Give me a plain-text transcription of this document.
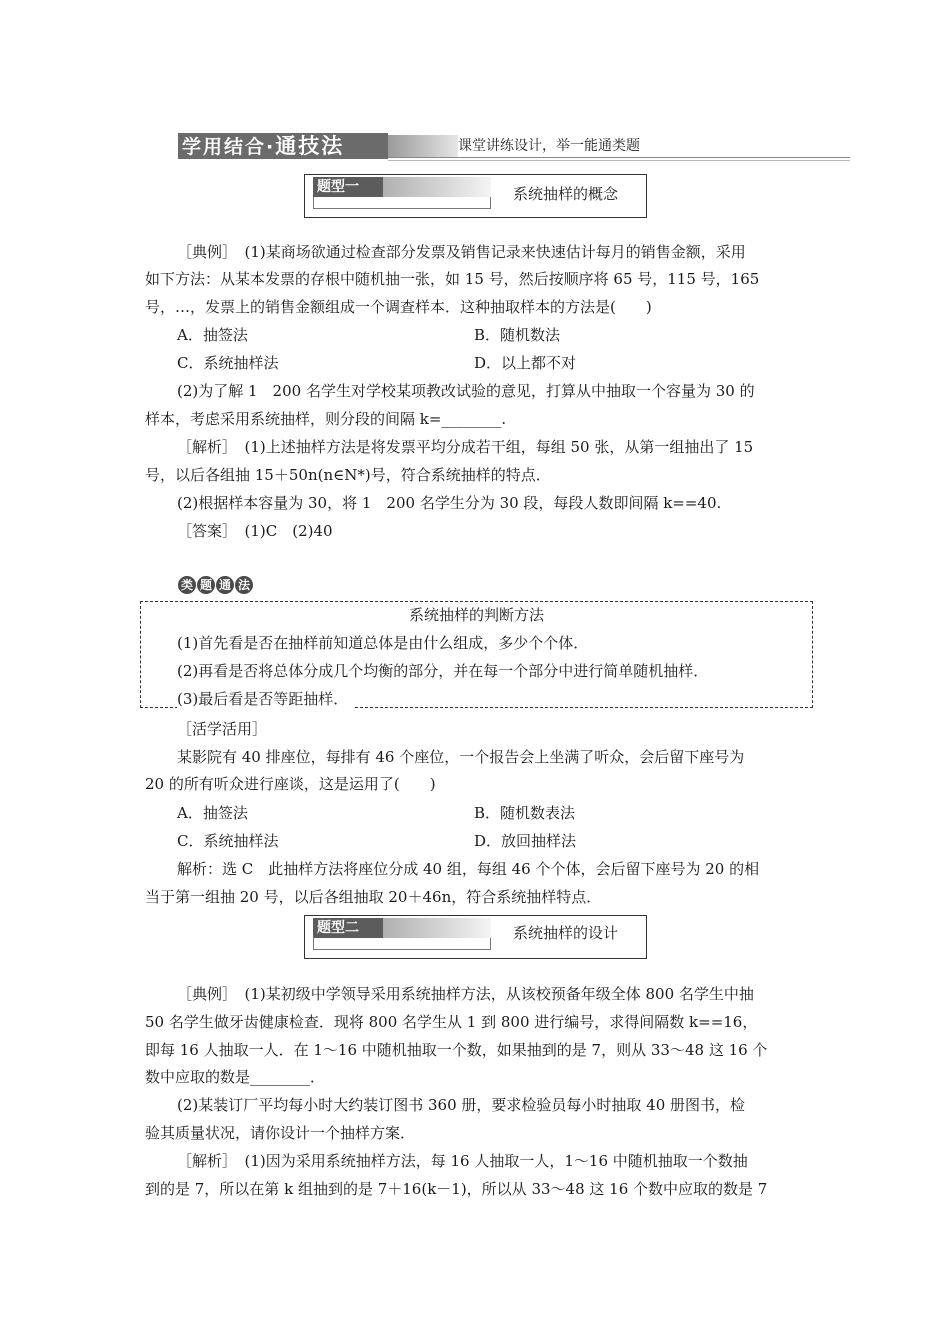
学用结合·通技法	课堂讲练设计，举一能通类题
题型一	系统抽样的概念
［典例］　(1)某商场欲通过检查部分发票及销售记录来快速估计每月的销售金额，采用
如下方法：从某本发票的存根中随机抽一张，如 15 号，然后按顺序将 65 号，115 号，165
号，…，发票上的销售金额组成一个调查样本．这种抽取样本的方法是(　　)
A．抽签法	B．随机数法
C．系统抽样法	D．以上都不对
(2)为了解 1　200 名学生对学校某项教改试验的意见，打算从中抽取一个容量为 30 的
样本，考虑采用系统抽样，则分段的间隔 k=________.
［解析］　(1)上述抽样方法是将发票平均分成若干组，每组 50 张，从第一组抽出了 15
号，以后各组抽 15＋50n(n∈N*)号，符合系统抽样的特点．
(2)根据样本容量为 30，将 1　200 名学生分为 30 段，每段人数即间隔 k==40.
［答案］　(1)C　(2)40
类 题 通 法
系统抽样的判断方法
(1)首先看是否在抽样前知道总体是由什么组成，多少个个体．
(2)再看是否将总体分成几个均衡的部分，并在每一个部分中进行简单随机抽样．
(3)最后看是否等距抽样．
［活学活用］
某影院有 40 排座位，每排有 46 个座位，一个报告会上坐满了听众，会后留下座号为
20 的所有听众进行座谈，这是运用了(　　)
A．抽签法	B．随机数表法
C．系统抽样法	D．放回抽样法
解析：选 C　此抽样方法将座位分成 40 组，每组 46 个个体，会后留下座号为 20 的相
当于第一组抽 20 号，以后各组抽取 20＋46n，符合系统抽样特点．
题型二	系统抽样的设计
［典例］　(1)某初级中学领导采用系统抽样方法，从该校预备年级全体 800 名学生中抽
50 名学生做牙齿健康检查．现将 800 名学生从 1 到 800 进行编号，求得间隔数 k==16，
即每 16 人抽取一人．在 1～16 中随机抽取一个数，如果抽到的是 7，则从 33～48 这 16 个
数中应取的数是________．
(2)某装订厂平均每小时大约装订图书 360 册，要求检验员每小时抽取 40 册图书，检
验其质量状况，请你设计一个抽样方案．
［解析］　(1)因为采用系统抽样方法，每 16 人抽取一人，1～16 中随机抽取一个数抽
到的是 7，所以在第 k 组抽到的是 7＋16(k－1)，所以从 33～48 这 16 个数中应取的数是 7
